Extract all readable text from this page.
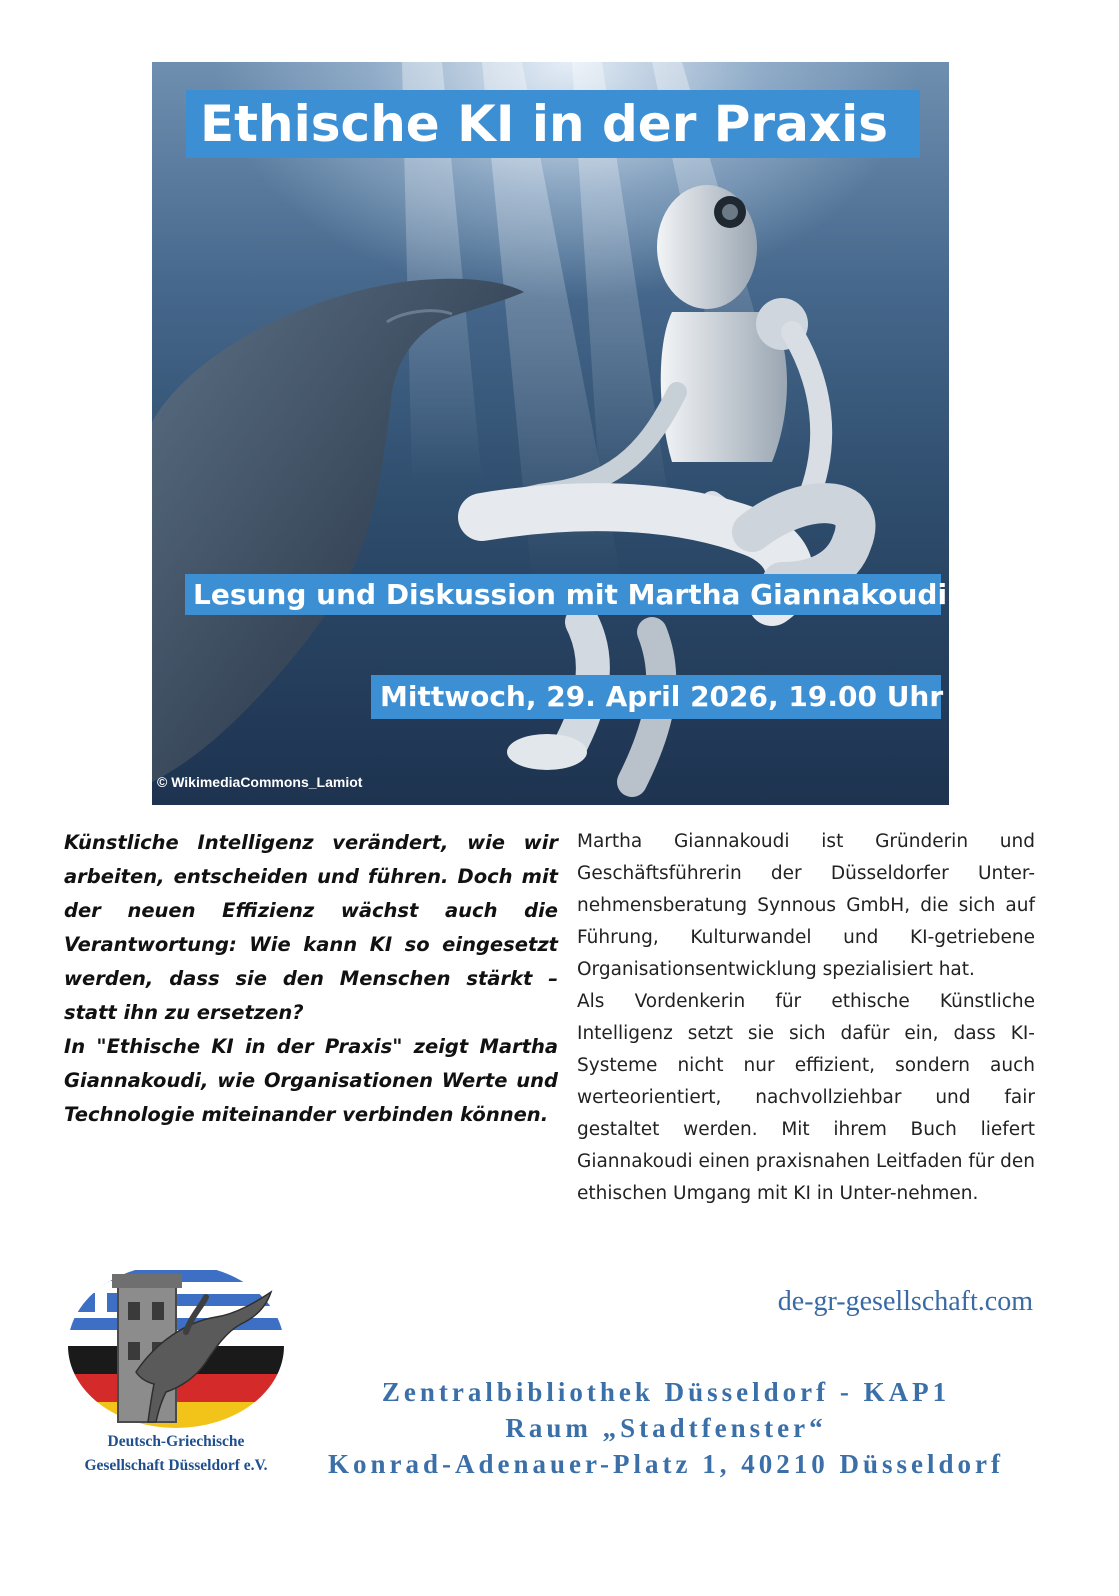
Ethische KI in der Praxis
Lesung und Diskussion mit Martha Giannakoudi
Mittwoch, 29. April 2026, 19.00 Uhr
© WikimediaCommons_Lamiot

Künstliche Intelligenz verändert, wie wir arbeiten, entscheiden und führen. Doch mit der neuen Effizienz wächst auch die Verantwortung: Wie kann KI so eingesetzt werden, dass sie den Menschen stärkt – statt ihn zu ersetzen?

In "Ethische KI in der Praxis" zeigt Martha Giannakoudi, wie Organisationen Werte und Technologie miteinander verbinden können.

Martha Giannakoudi ist Gründerin und Geschäftsführerin der Düsseldorfer Unter-nehmensberatung Synnous GmbH, die sich auf Führung, Kulturwandel und KI-getriebene Organisationsentwicklung spezialisiert hat.

Als Vordenkerin für ethische Künstliche Intelligenz setzt sie sich dafür ein, dass KI-Systeme nicht nur effizient, sondern auch werteorientiert, nachvollziehbar und fair gestaltet werden. Mit ihrem Buch liefert Giannakoudi einen praxisnahen Leitfaden für den ethischen Umgang mit KI in Unter-nehmen.

Deutsch-Griechische
Gesellschaft Düsseldorf e.V.
de-gr-gesellschaft.com
Zentralbibliothek Düsseldorf - KAP1
Raum „Stadtfenster“
Konrad-Adenauer-Platz 1, 40210 Düsseldorf
